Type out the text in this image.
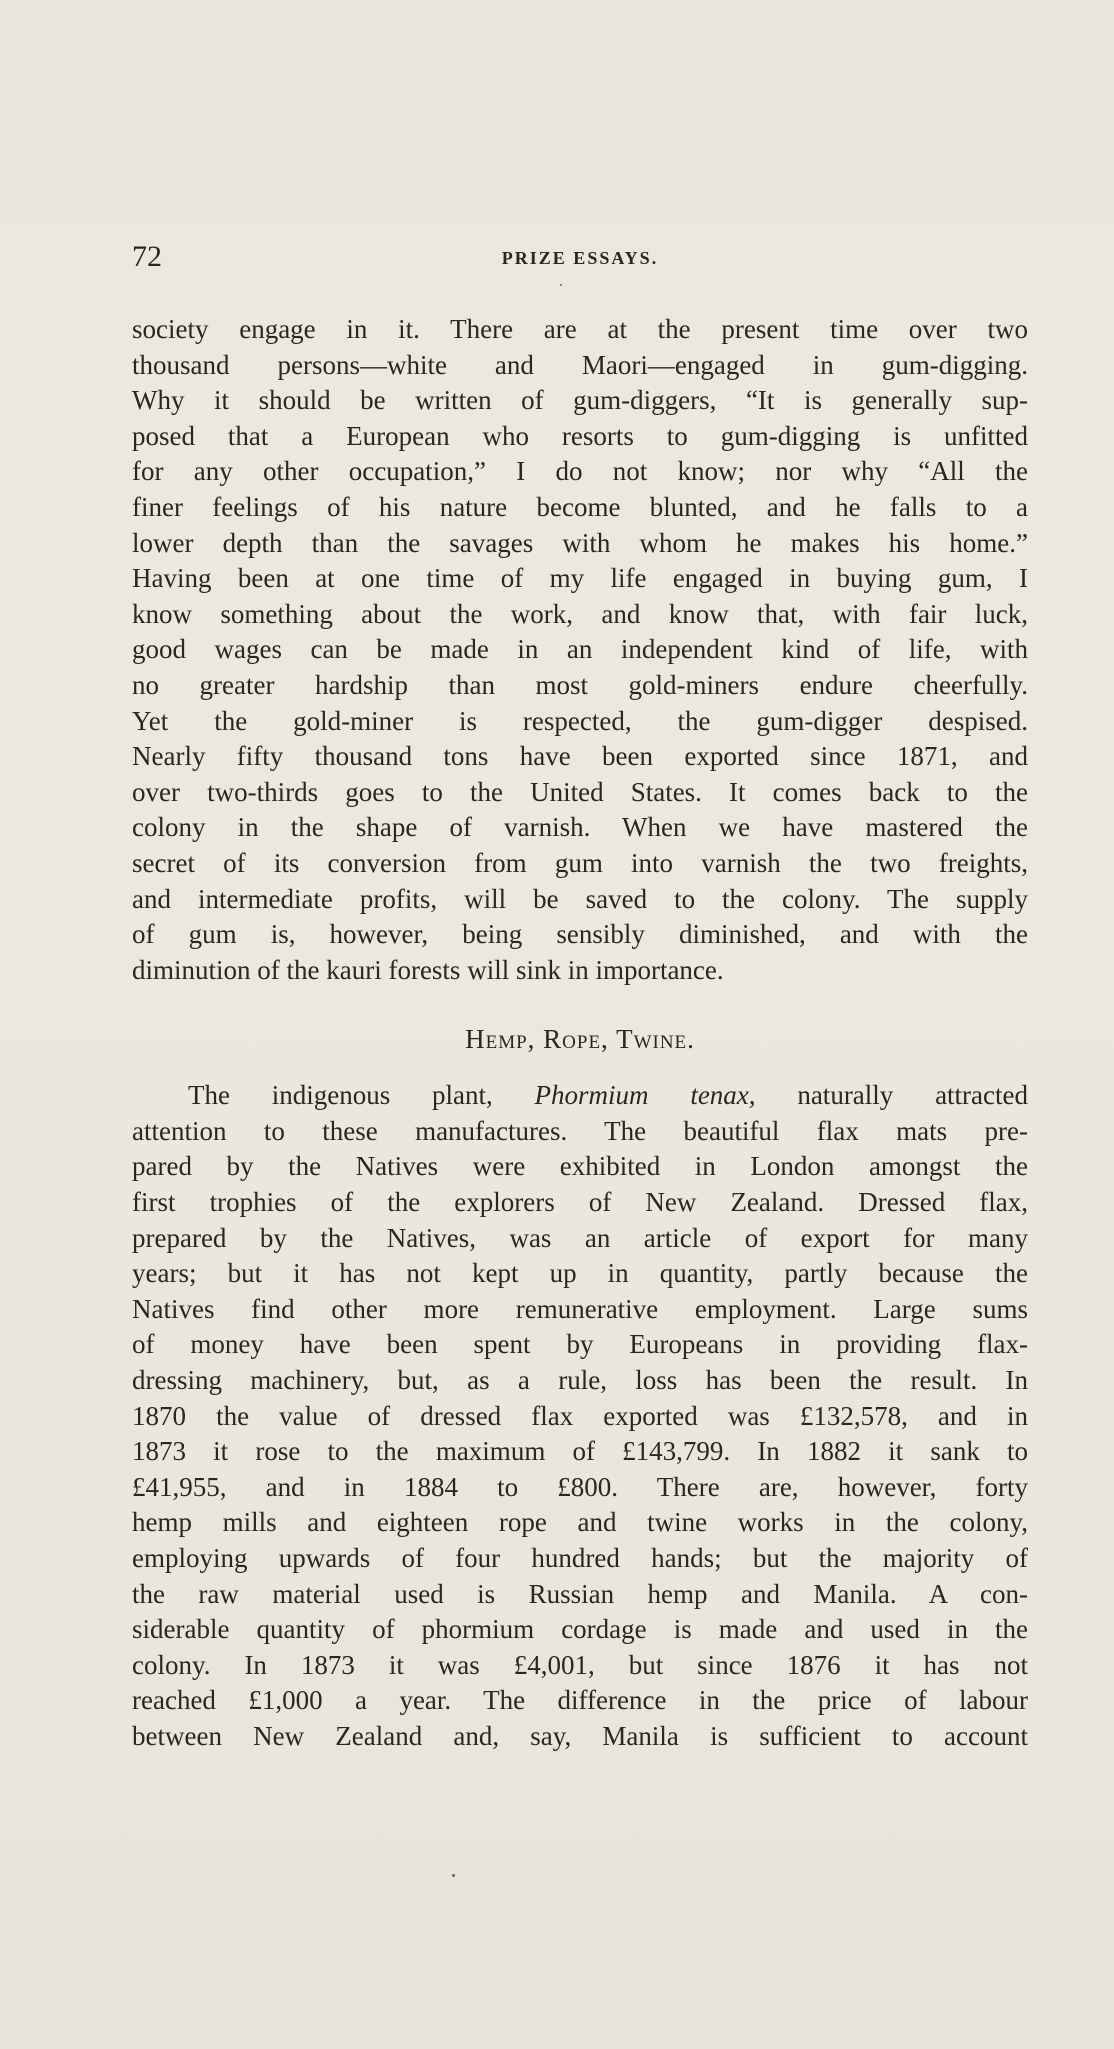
72	PRIZE ESSAYS.
society engage in it. There are at the present time over two
thousand persons—white and Maori—engaged in gum-digging.
Why it should be written of gum-diggers, “It is generally sup-
posed that a European who resorts to gum-digging is unfitted
for any other occupation,” I do not know; nor why “All the
finer feelings of his nature become blunted, and he falls to a
lower depth than the savages with whom he makes his home.”
Having been at one time of my life engaged in buying gum, I
know something about the work, and know that, with fair luck,
good wages can be made in an independent kind of life, with
no greater hardship than most gold-miners endure cheerfully.
Yet the gold-miner is respected, the gum-digger despised.
Nearly fifty thousand tons have been exported since 1871, and
over two-thirds goes to the United States. It comes back to the
colony in the shape of varnish. When we have mastered the
secret of its conversion from gum into varnish the two freights,
and intermediate profits, will be saved to the colony. The supply
of gum is, however, being sensibly diminished, and with the
diminution of the kauri forests will sink in importance.
Hemp, Rope, Twine.
The indigenous plant, Phormium tenax, naturally attracted
attention to these manufactures. The beautiful flax mats pre-
pared by the Natives were exhibited in London amongst the
first trophies of the explorers of New Zealand. Dressed flax,
prepared by the Natives, was an article of export for many
years; but it has not kept up in quantity, partly because the
Natives find other more remunerative employment. Large sums
of money have been spent by Europeans in providing flax-
dressing machinery, but, as a rule, loss has been the result. In
1870 the value of dressed flax exported was £132,578, and in
1873 it rose to the maximum of £143,799. In 1882 it sank to
£41,955, and in 1884 to £800. There are, however, forty
hemp mills and eighteen rope and twine works in the colony,
employing upwards of four hundred hands; but the majority of
the raw material used is Russian hemp and Manila. A con-
siderable quantity of phormium cordage is made and used in the
colony. In 1873 it was £4,001, but since 1876 it has not
reached £1,000 a year. The difference in the price of labour
between New Zealand and, say, Manila is sufficient to account
